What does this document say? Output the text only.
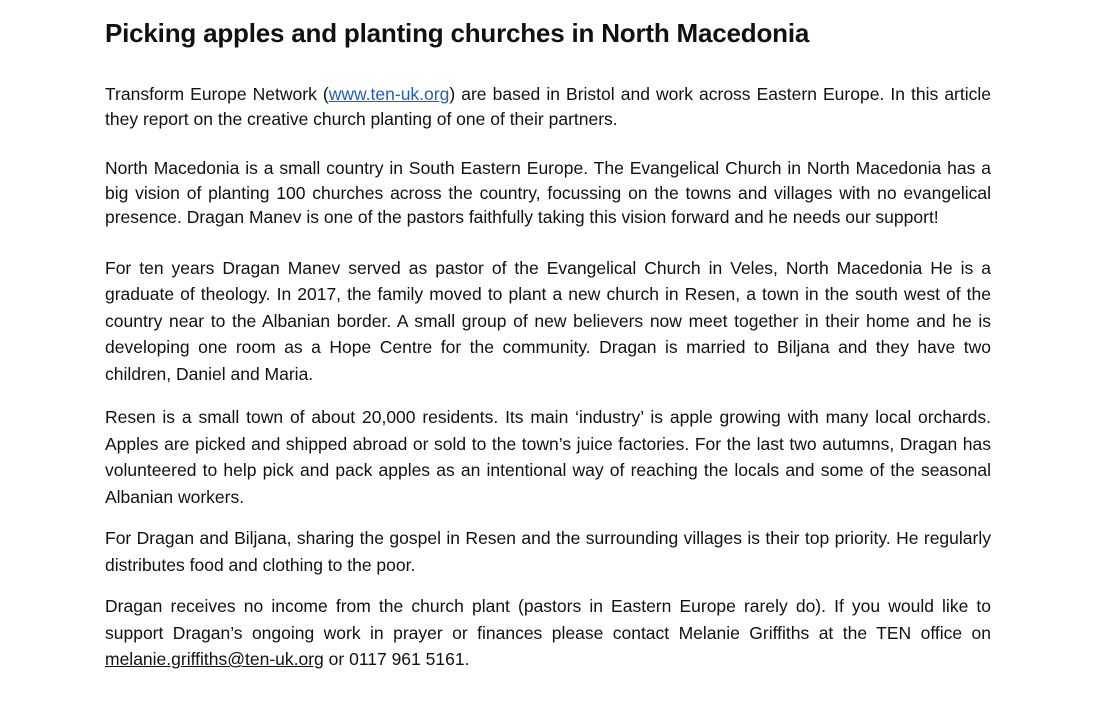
Picking apples and planting churches in North Macedonia

Transform Europe Network (www.ten-uk.org) are based in Bristol and work across Eastern Europe. In this article they report on the creative church planting of one of their partners.

North Macedonia is a small country in South Eastern Europe. The Evangelical Church in North Macedonia has a big vision of planting 100 churches across the country, focussing on the towns and villages with no evangelical presence. Dragan Manev is one of the pastors faithfully taking this vision forward and he needs our support!

For ten years Dragan Manev served as pastor of the Evangelical Church in Veles, North Macedonia He is a graduate of theology. In 2017, the family moved to plant a new church in Resen, a town in the south west of the country near to the Albanian border. A small group of new believers now meet together in their home and he is developing one room as a Hope Centre for the community. Dragan is married to Biljana and they have two children, Daniel and Maria.

Resen is a small town of about 20,000 residents. Its main ‘industry’ is apple growing with many local orchards. Apples are picked and shipped abroad or sold to the town’s juice factories. For the last two autumns, Dragan has volunteered to help pick and pack apples as an intentional way of reaching the locals and some of the seasonal Albanian workers.

For Dragan and Biljana, sharing the gospel in Resen and the surrounding villages is their top priority. He regularly distributes food and clothing to the poor.

Dragan receives no income from the church plant (pastors in Eastern Europe rarely do). If you would like to support Dragan’s ongoing work in prayer or finances please contact Melanie Griffiths at the TEN office on melanie.griffiths@ten-uk.org or 0117 961 5161.
